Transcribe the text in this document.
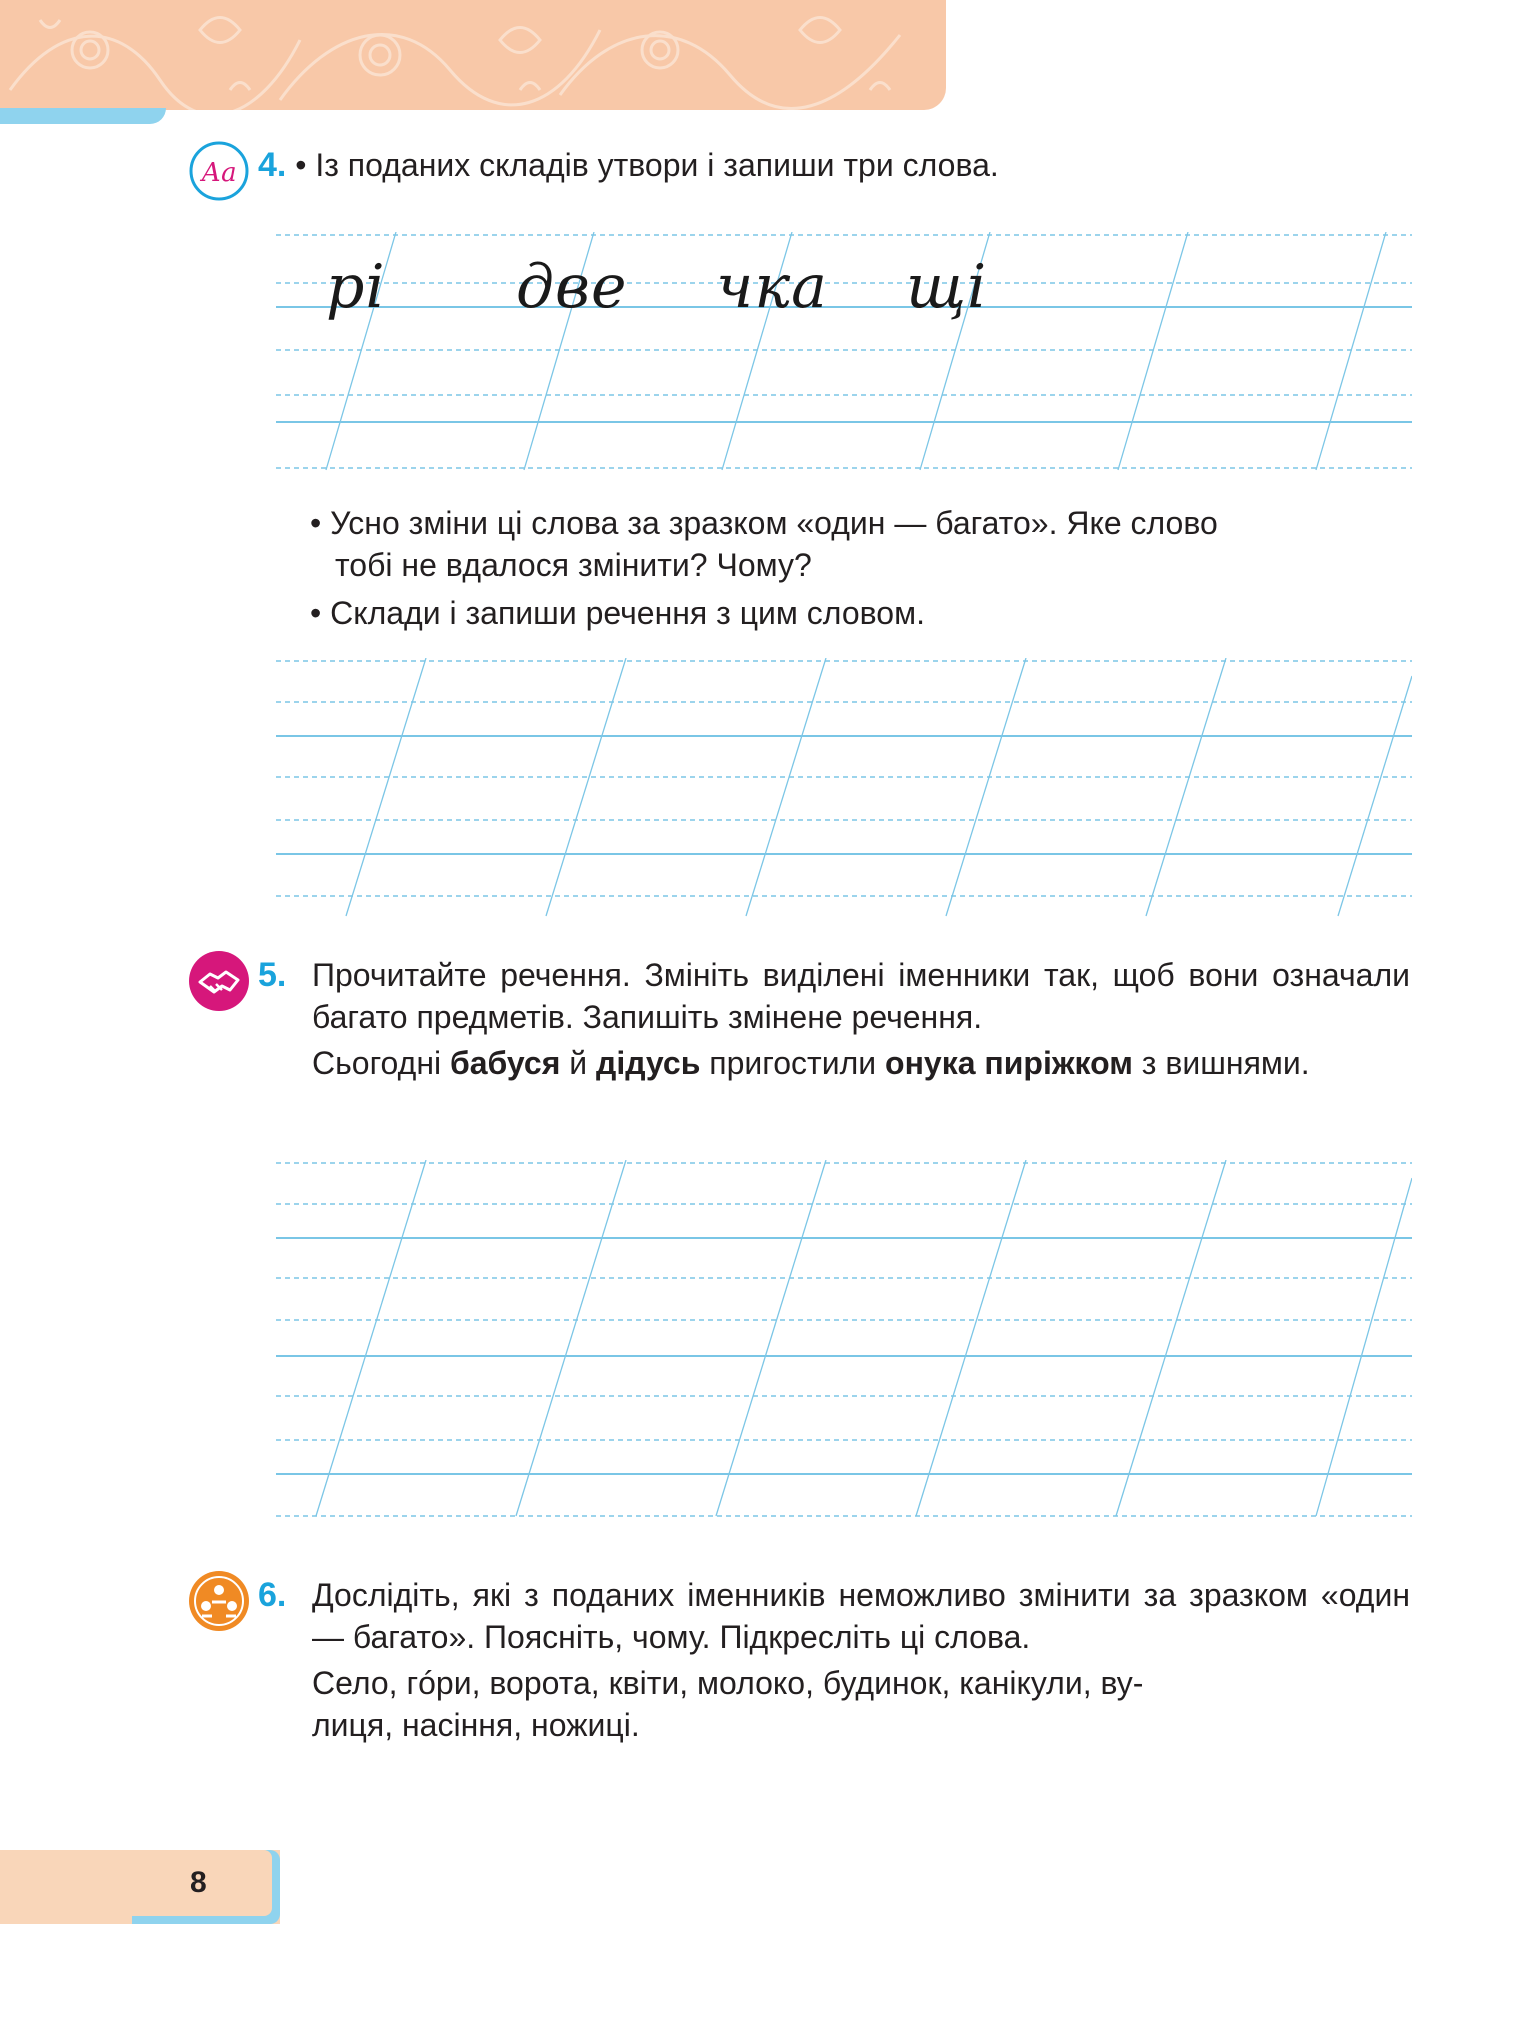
Аа 4. • Із поданих складів утвори і запиши три слова.
рі две чка щі
• Усно зміни ці слова за зразком «один — багато». Яке слово
тобі не вдалося змінити? Чому?
• Склади і запиши речення з цим словом.
5. Прочитайте речення. Змініть виділені іменники так, щоб вони означали багато предметів. Запишіть змінене речення.
Сьогодні бабуся й дідусь пригостили онука пиріжком з вишнями.
6. Дослідіть, які з поданих іменників неможливо змінити за зразком «один — багато». Поясніть, чому. Підкресліть ці слова.
Село, гóри, ворота, квіти, молоко, будинок, канікули, ву-
лиця, насіння, ножиці.
8
